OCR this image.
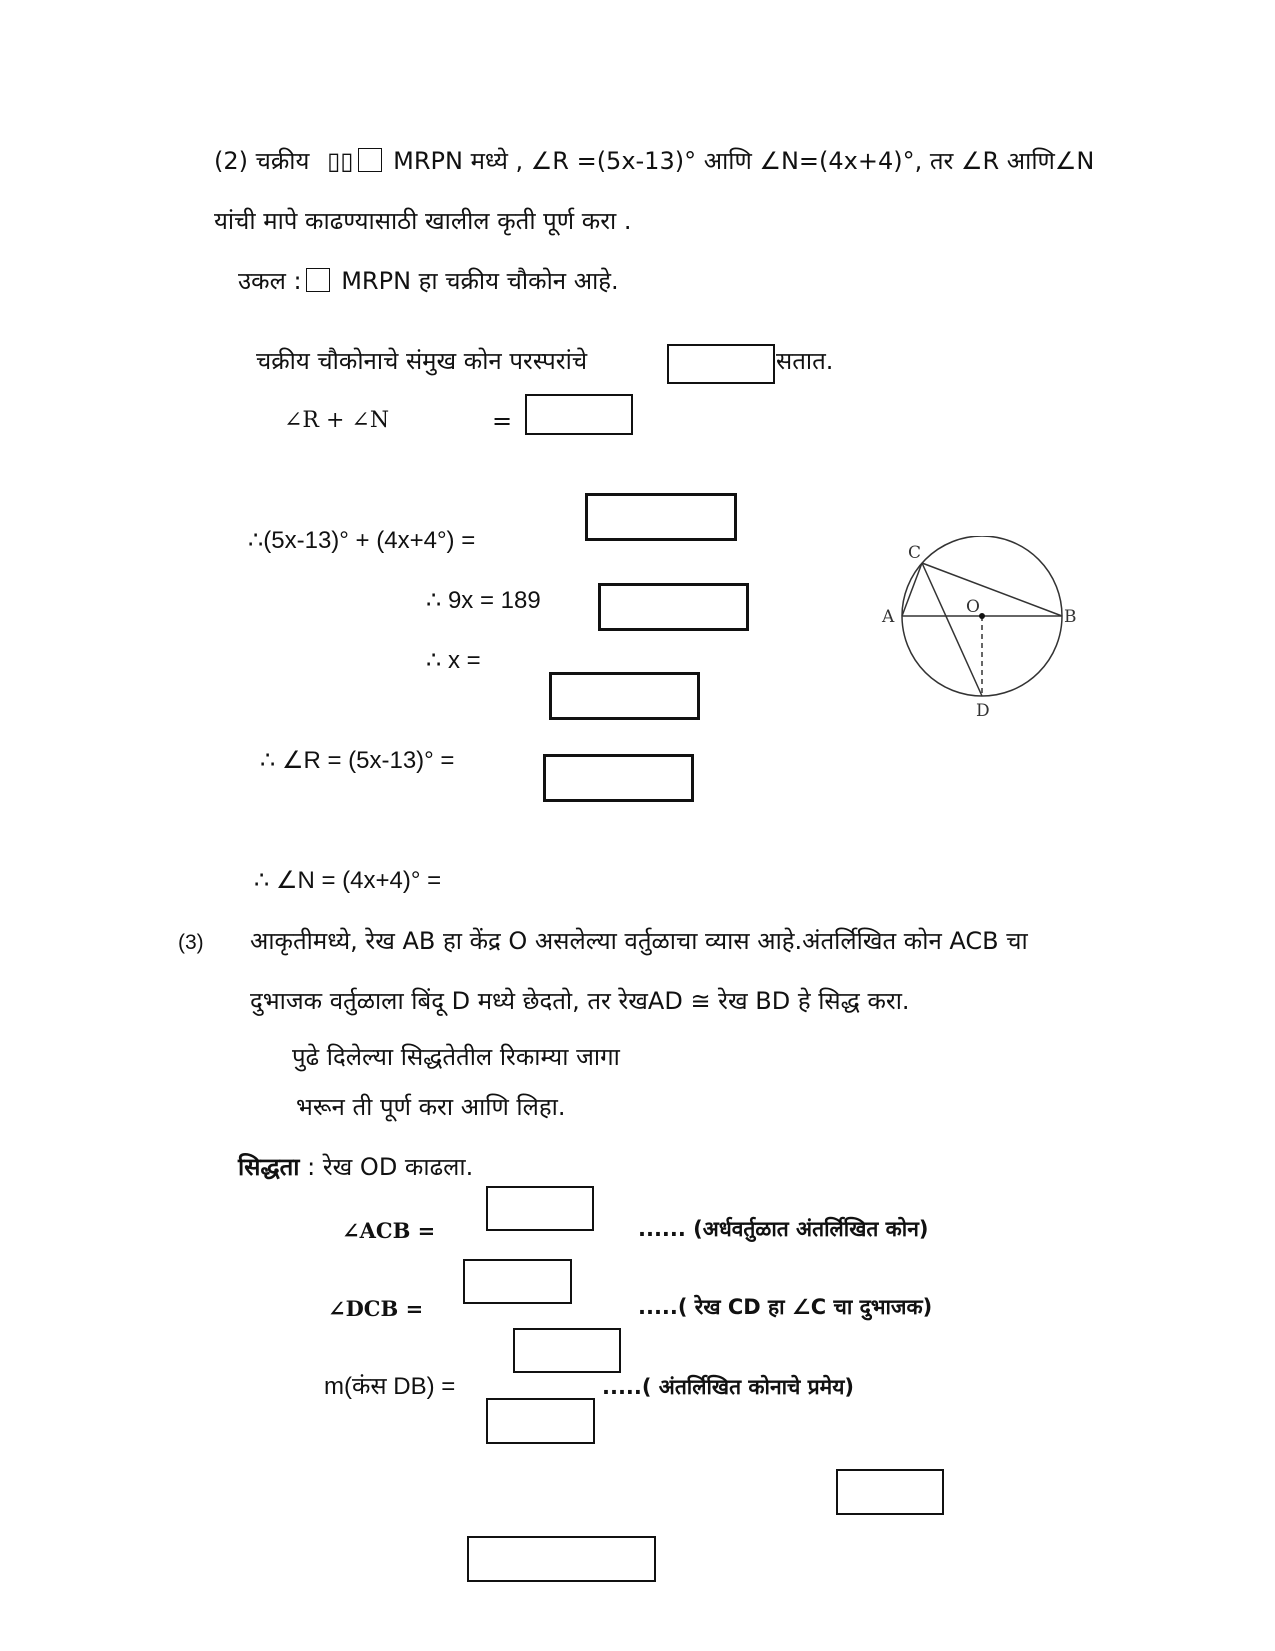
(2) चक्रीय ▯▯ MRPN मध्ये , ∠R =(5x-13)° आणि ∠N=(4x+4)°, तर ∠R आणि∠N
यांची मापे काढण्यासाठी खालील कृती पूर्ण करा .
उकल : MRPN हा चक्रीय चौकोन आहे.
चक्रीय चौकोनाचे संमुख कोन परस्परांचे	सतात.
∠R + ∠N	=
∴(5x-13)° + (4x+4°) =
∴ 9x = 189
∴ x =
∴ ∠R = (5x-13)° =
∴ ∠N = (4x+4)° =
C
A	O	B
D
(3) आकृतीमध्ये, रेख AB हा केंद्र O असलेल्या वर्तुळाचा व्यास आहे.अंतर्लिखित कोन ACB चा
दुभाजक वर्तुळाला बिंदू D मध्ये छेदतो, तर रेखAD ≅ रेख BD हे सिद्ध करा.
पुढे दिलेल्या सिद्धतेतील रिकाम्या जागा
भरून ती पूर्ण करा आणि लिहा.
सिद्धता : रेख OD काढला.
∠ACB =	...... (अर्धवर्तुळात अंतर्लिखित कोन)
∠DCB =	.....( रेख CD हा ∠C चा दुभाजक)
m(कंस DB) =	.....( अंतर्लिखित कोनाचे प्रमेय)
